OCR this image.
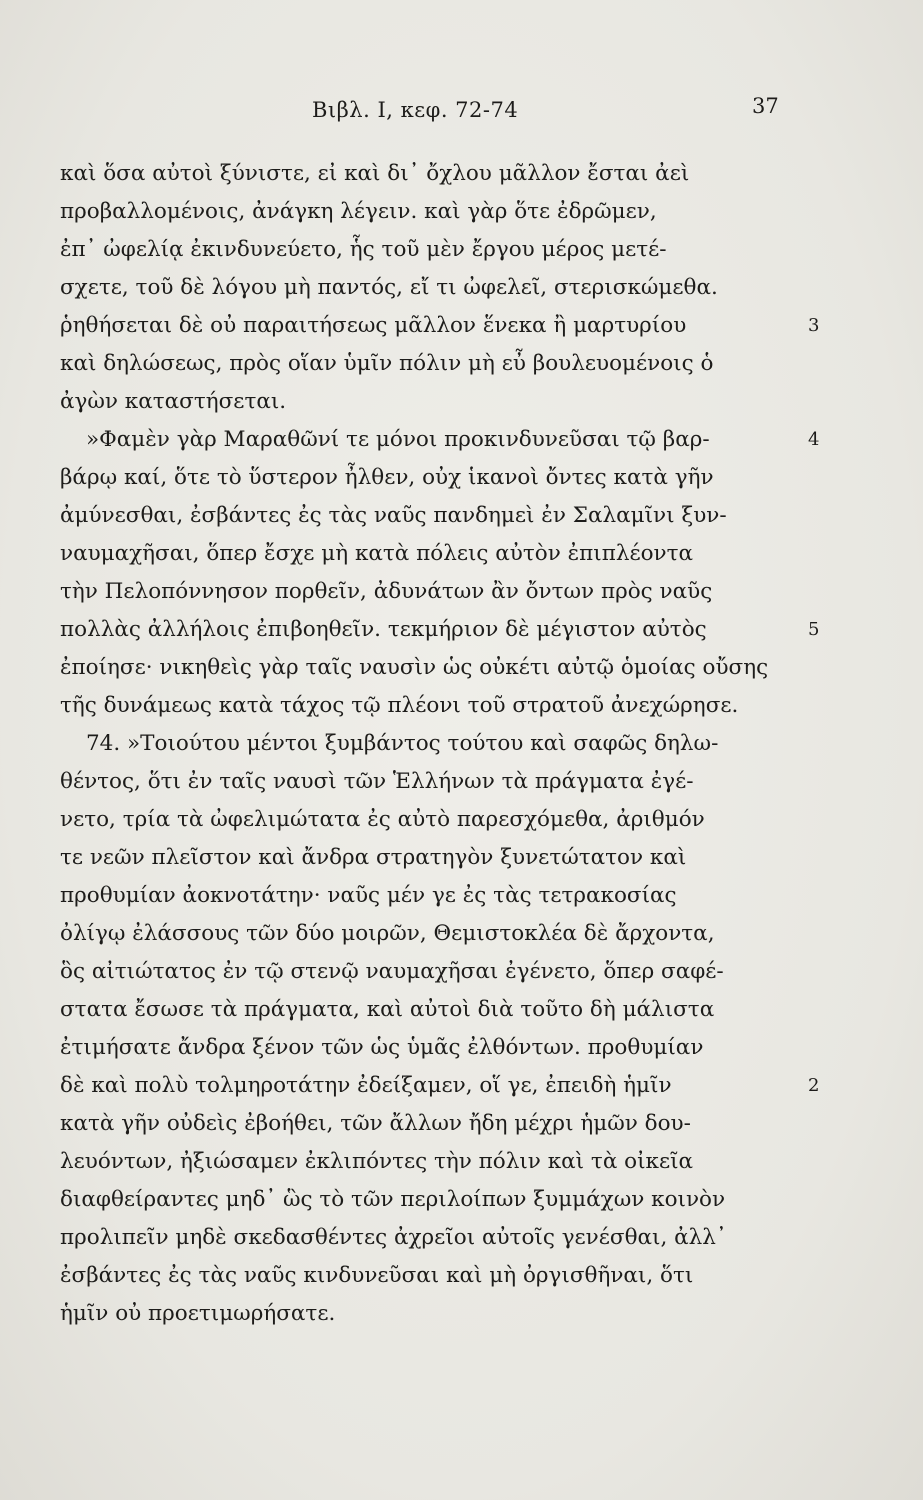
Βιβλ. Ι, κεφ. 72-74	37
καὶ ὅσα αὐτοὶ ξύνιστε, εἰ καὶ δι᾿ ὄχλου μᾶλλον ἔσται ἀεὶ
προβαλλομένοις, ἀνάγκη λέγειν. καὶ γὰρ ὅτε ἐδρῶμεν,
ἐπ᾿ ὠφελίᾳ ἐκινδυνεύετο, ἧς τοῦ μὲν ἔργου μέρος μετέ-
σχετε, τοῦ δὲ λόγου μὴ παντός, εἴ τι ὠφελεῖ, στερισκώμεθα.
ῥηθήσεται δὲ οὐ παραιτήσεως μᾶλλον ἕνεκα ἢ μαρτυρίου
καὶ δηλώσεως, πρὸς οἵαν ὑμῖν πόλιν μὴ εὖ βουλευομένοις ὁ
ἀγὼν καταστήσεται.
»Φαμὲν γὰρ Μαραθῶνί τε μόνοι προκινδυνεῦσαι τῷ βαρ-
βάρῳ καί, ὅτε τὸ ὕστερον ἦλθεν, οὐχ ἱκανοὶ ὄντες κατὰ γῆν
ἀμύνεσθαι, ἐσβάντες ἐς τὰς ναῦς πανδημεὶ ἐν Σαλαμῖνι ξυν-
ναυμαχῆσαι, ὅπερ ἔσχε μὴ κατὰ πόλεις αὐτὸν ἐπιπλέοντα
τὴν Πελοπόννησον πορθεῖν, ἀδυνάτων ἂν ὄντων πρὸς ναῦς
πολλὰς ἀλλήλοις ἐπιβοηθεῖν. τεκμήριον δὲ μέγιστον αὐτὸς
ἐποίησε· νικηθεὶς γὰρ ταῖς ναυσὶν ὡς οὐκέτι αὐτῷ ὁμοίας οὔσης
τῆς δυνάμεως κατὰ τάχος τῷ πλέονι τοῦ στρατοῦ ἀνεχώρησε.
74. »Τοιούτου μέντοι ξυμβάντος τούτου καὶ σαφῶς δηλω-
θέντος, ὅτι ἐν ταῖς ναυσὶ τῶν Ἑλλήνων τὰ πράγματα ἐγέ-
νετο, τρία τὰ ὠφελιμώτατα ἐς αὐτὸ παρεσχόμεθα, ἀριθμόν
τε νεῶν πλεῖστον καὶ ἄνδρα στρατηγὸν ξυνετώτατον καὶ
προθυμίαν ἀοκνοτάτην· ναῦς μέν γε ἐς τὰς τετρακοσίας
ὀλίγῳ ἐλάσσους τῶν δύο μοιρῶν, Θεμιστοκλέα δὲ ἄρχοντα,
ὃς αἰτιώτατος ἐν τῷ στενῷ ναυμαχῆσαι ἐγένετο, ὅπερ σαφέ-
στατα ἔσωσε τὰ πράγματα, καὶ αὐτοὶ διὰ τοῦτο δὴ μάλιστα
ἐτιμήσατε ἄνδρα ξένον τῶν ὡς ὑμᾶς ἐλθόντων. προθυμίαν
δὲ καὶ πολὺ τολμηροτάτην ἐδείξαμεν, οἵ γε, ἐπειδὴ ἡμῖν
κατὰ γῆν οὐδεὶς ἐβοήθει, τῶν ἄλλων ἤδη μέχρι ἡμῶν δου-
λευόντων, ἠξιώσαμεν ἐκλιπόντες τὴν πόλιν καὶ τὰ οἰκεῖα
διαφθείραντες μηδ᾿ ὣς τὸ τῶν περιλοίπων ξυμμάχων κοινὸν
προλιπεῖν μηδὲ σκεδασθέντες ἀχρεῖοι αὐτοῖς γενέσθαι, ἀλλ᾿
ἐσβάντες ἐς τὰς ναῦς κινδυνεῦσαι καὶ μὴ ὀργισθῆναι, ὅτι
ἡμῖν οὐ προετιμωρήσατε.
3
4
5
2
